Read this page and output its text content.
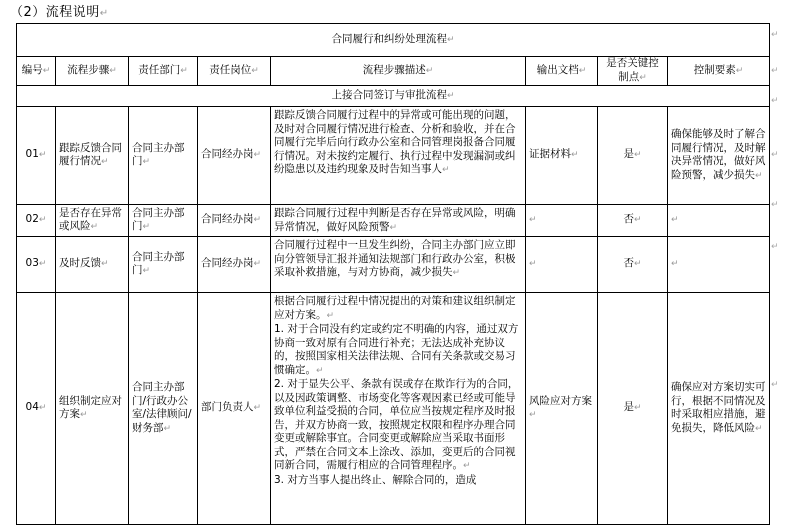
（2）流程说明↵
合同履行和纠纷处理流程↵							
编号↵	流程步骤↵	责任部门↵	责任岗位↵	流程步骤描述↵	输出文档↵	是否关键控制点↵	控制要素↵
上接合同签订与审批流程↵							
01↵	跟踪反馈合同履行情况↵	合同主办部门↵	合同经办岗↵	跟踪反馈合同履行过程中的异常或可能出现的问题，及时对合同履行情况进行检查、分析和验收，并在合同履行完毕后向行政办公室和合同管理岗报备合同履行情况。对未按约定履行、执行过程中发现漏洞或纠纷隐患以及违约现象及时告知当事人↵	证据材料↵	是↵	确保能够及时了解合同履行情况，及时解决异常情况，做好风险预警，减少损失↵
02↵	是否存在异常或风险↵	合同主办部门↵	合同经办岗↵	跟踪合同履行过程中判断是否存在异常或风险，明确异常情况，做好风险预警↵	↵	否↵	↵
03↵	及时反馈↵	合同主办部门↵	合同经办岗↵	合同履行过程中一旦发生纠纷，合同主办部门应立即向分管领导汇报并通知法规部门和行政办公室，积极采取补救措施，与对方协商，减少损失↵	↵	否↵	↵
04↵	组织制定应对方案↵	合同主办部门/行政办公室/法律顾问/财务部↵	部门负责人↵	根据合同履行过程中情况提出的对策和建议组织制定应对方案。↵
1. 对于合同没有约定或约定不明确的内容，通过双方协商一致对原有合同进行补充；无法达成补充协议的，按照国家相关法律法规、合同有关条款或交易习惯确定。↵
2. 对于显失公平、条款有误或存在欺诈行为的合同，以及因政策调整、市场变化等客观因素已经或可能导致单位利益受损的合同，单位应当按规定程序及时报告，并双方协商一致，按照规定权限和程序办理合同变更或解除事宜。合同变更或解除应当采取书面形式，严禁在合同文本上涂改、添加，变更后的合同视同新合同，需履行相应的合同管理程序。↵
3. 对方当事人提出终止、解除合同的，造成	风险应对方案↵	是↵	确保应对方案切实可行，根据不同情况及时采取相应措施，避免损失，降低风险↵
↵
↵
↵
↵
↵
↵
↵
